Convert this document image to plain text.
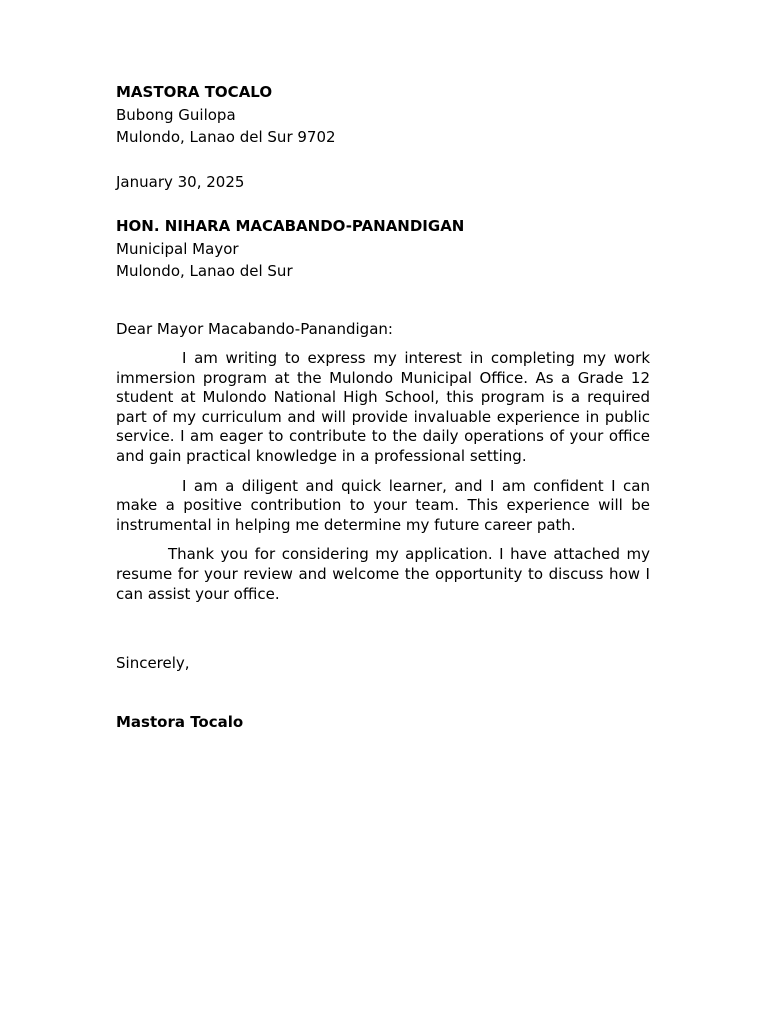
MASTORA TOCALO
Bubong Guilopa
Mulondo, Lanao del Sur 9702
January 30, 2025
HON. NIHARA MACABANDO-PANANDIGAN
Municipal Mayor
Mulondo, Lanao del Sur
Dear Mayor Macabando-Panandigan:

I am writing to express my interest in completing my work immersion program at the Mulondo Municipal Office. As a Grade 12 student at Mulondo National High School, this program is a required part of my curriculum and will provide invaluable experience in public service. I am eager to contribute to the daily operations of your office and gain practical knowledge in a professional setting.

I am a diligent and quick learner, and I am confident I can make a positive contribution to your team. This experience will be instrumental in helping me determine my future career path.

Thank you for considering my application. I have attached my resume for your review and welcome the opportunity to discuss how I can assist your office.

Sincerely,
Mastora Tocalo
